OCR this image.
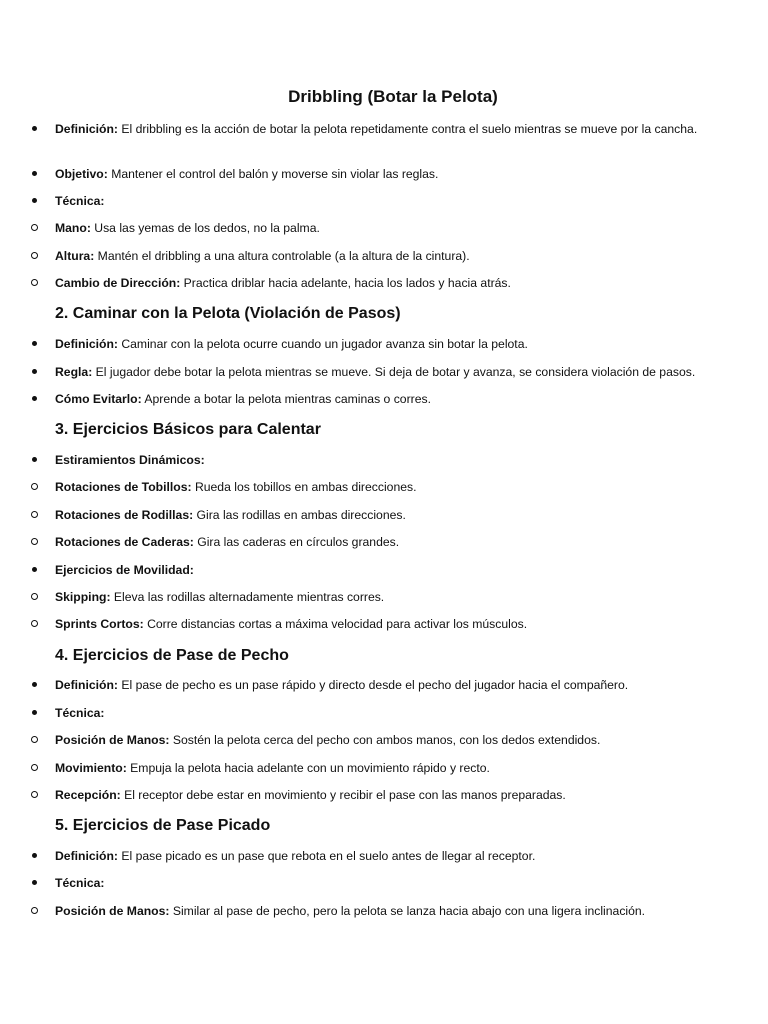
Dribbling (Botar la Pelota)

Definición: El dribbling es la acción de botar la pelota repetidamente contra el suelo mientras se mueve por la cancha.

Objetivo: Mantener el control del balón y moverse sin violar las reglas.

Técnica:

Mano: Usa las yemas de los dedos, no la palma.

Altura: Mantén el dribbling a una altura controlable (a la altura de la cintura).

Cambio de Dirección: Practica driblar hacia adelante, hacia los lados y hacia atrás.

2. Caminar con la Pelota (Violación de Pasos)

Definición: Caminar con la pelota ocurre cuando un jugador avanza sin botar la pelota.

Regla: El jugador debe botar la pelota mientras se mueve. Si deja de botar y avanza, se considera violación de pasos.

Cómo Evitarlo: Aprende a botar la pelota mientras caminas o corres.

3. Ejercicios Básicos para Calentar

Estiramientos Dinámicos:

Rotaciones de Tobillos: Rueda los tobillos en ambas direcciones.

Rotaciones de Rodillas: Gira las rodillas en ambas direcciones.

Rotaciones de Caderas: Gira las caderas en círculos grandes.

Ejercicios de Movilidad:

Skipping: Eleva las rodillas alternadamente mientras corres.

Sprints Cortos: Corre distancias cortas a máxima velocidad para activar los músculos.

4. Ejercicios de Pase de Pecho

Definición: El pase de pecho es un pase rápido y directo desde el pecho del jugador hacia el compañero.

Técnica:

Posición de Manos: Sostén la pelota cerca del pecho con ambos manos, con los dedos extendidos.

Movimiento: Empuja la pelota hacia adelante con un movimiento rápido y recto.

Recepción: El receptor debe estar en movimiento y recibir el pase con las manos preparadas.

5. Ejercicios de Pase Picado

Definición: El pase picado es un pase que rebota en el suelo antes de llegar al receptor.

Técnica:

Posición de Manos: Similar al pase de pecho, pero la pelota se lanza hacia abajo con una ligera inclinación.
